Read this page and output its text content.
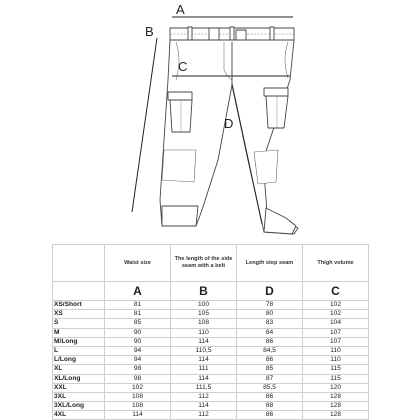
A
B
C
D
	Waist size	The length of the side seam with a belt	Length step seam	Thigh volume
	A	B	D	C
XS/Short	81	100	78	102
XS	81	105	80	102
S	85	108	83	104
M	90	110	84	107
M/Long	90	114	86	107
L	94	110,5	84,5	110
L/Long	94	114	86	110
XL	98	111	85	115
XL/Long	98	114	87	115
XXL	102	111,5	85,5	120
3XL	108	112	86	128
3XL/Long	108	114	88	128
4XL	114	112	86	128
